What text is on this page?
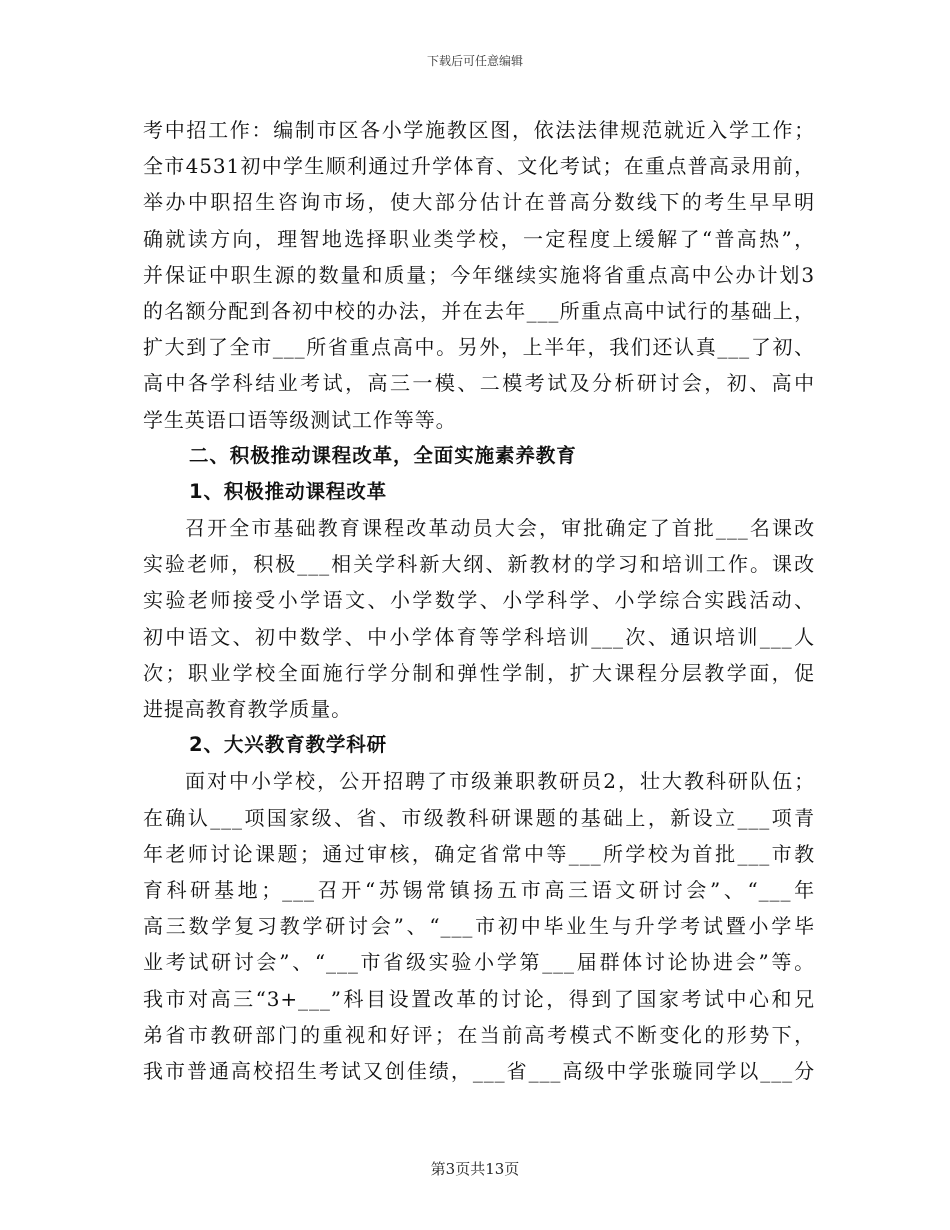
下载后可任意编辑
考中招工作：编制市区各小学施教区图，依法法律规范就近入学工作；
全市4531初中学生顺利通过升学体育、文化考试；在重点普高录用前，
举办中职招生咨询市场，使大部分估计在普高分数线下的考生早早明
确就读方向，理智地选择职业类学校，一定程度上缓解了“普高热”，
并保证中职生源的数量和质量；今年继续实施将省重点高中公办计划3
的名额分配到各初中校的办法，并在去年___所重点高中试行的基础上，
扩大到了全市___所省重点高中。另外，上半年，我们还认真___了初、
高中各学科结业考试，高三一模、二模考试及分析研讨会，初、高中
学生英语口语等级测试工作等等。
二、积极推动课程改革，全面实施素养教育
1、积极推动课程改革
召开全市基础教育课程改革动员大会，审批确定了首批___名课改
实验老师，积极___相关学科新大纲、新教材的学习和培训工作。课改
实验老师接受小学语文、小学数学、小学科学、小学综合实践活动、
初中语文、初中数学、中小学体育等学科培训___次、通识培训___人
次；职业学校全面施行学分制和弹性学制，扩大课程分层教学面，促
进提高教育教学质量。
2、大兴教育教学科研
面对中小学校，公开招聘了市级兼职教研员2，壮大教科研队伍；
在确认___项国家级、省、市级教科研课题的基础上，新设立___项青
年老师讨论课题；通过审核，确定省常中等___所学校为首批___市教
育科研基地；___召开“苏锡常镇扬五市高三语文研讨会”、“___年
高三数学复习教学研讨会”、“___市初中毕业生与升学考试暨小学毕
业考试研讨会”、“___市省级实验小学第___届群体讨论协进会”等。
我市对高三“3+___”科目设置改革的讨论，得到了国家考试中心和兄
弟省市教研部门的重视和好评；在当前高考模式不断变化的形势下，
我市普通高校招生考试又创佳绩，___省___高级中学张璇同学以___分
第3页共13页
